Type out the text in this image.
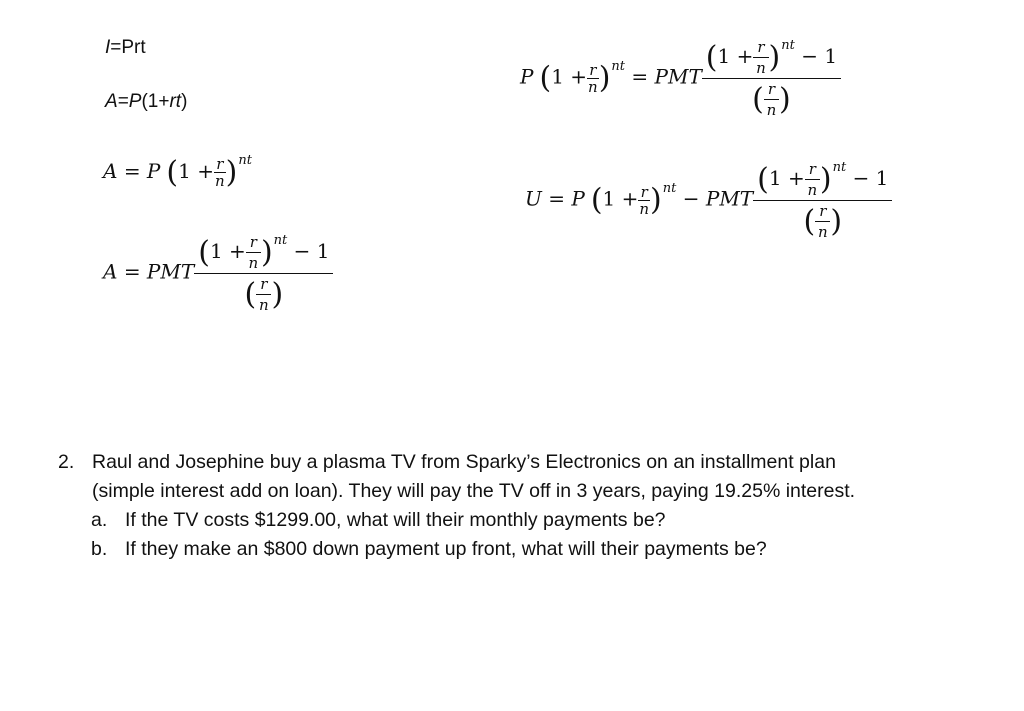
I=Prt
A=P(1+rt)
A = P $(1 + \frac{r}{n} )^{nt}$
A = PMT $\frac{(1 + \frac{r}{n} )^{nt} - 1}{( \frac{r}{n} )}$
P $(1 + \frac{r}{n} )^{nt}$ = PMT $\frac{(1 + \frac{r}{n} )^{nt} - 1}{( \frac{r}{n} )}$
U = P $(1 + \frac{r}{n} )^{nt}$ − PMT $\frac{(1 + \frac{r}{n} )^{nt} - 1}{( \frac{r}{n} )}$
2. Raul and Josephine buy a plasma TV from Sparky’s Electronics on an installment plan
(simple interest add on loan). They will pay the TV off in 3 years, paying 19.25% interest.
a. If the TV costs $1299.00, what will their monthly payments be?
b. If they make an $800 down payment up front, what will their payments be?
